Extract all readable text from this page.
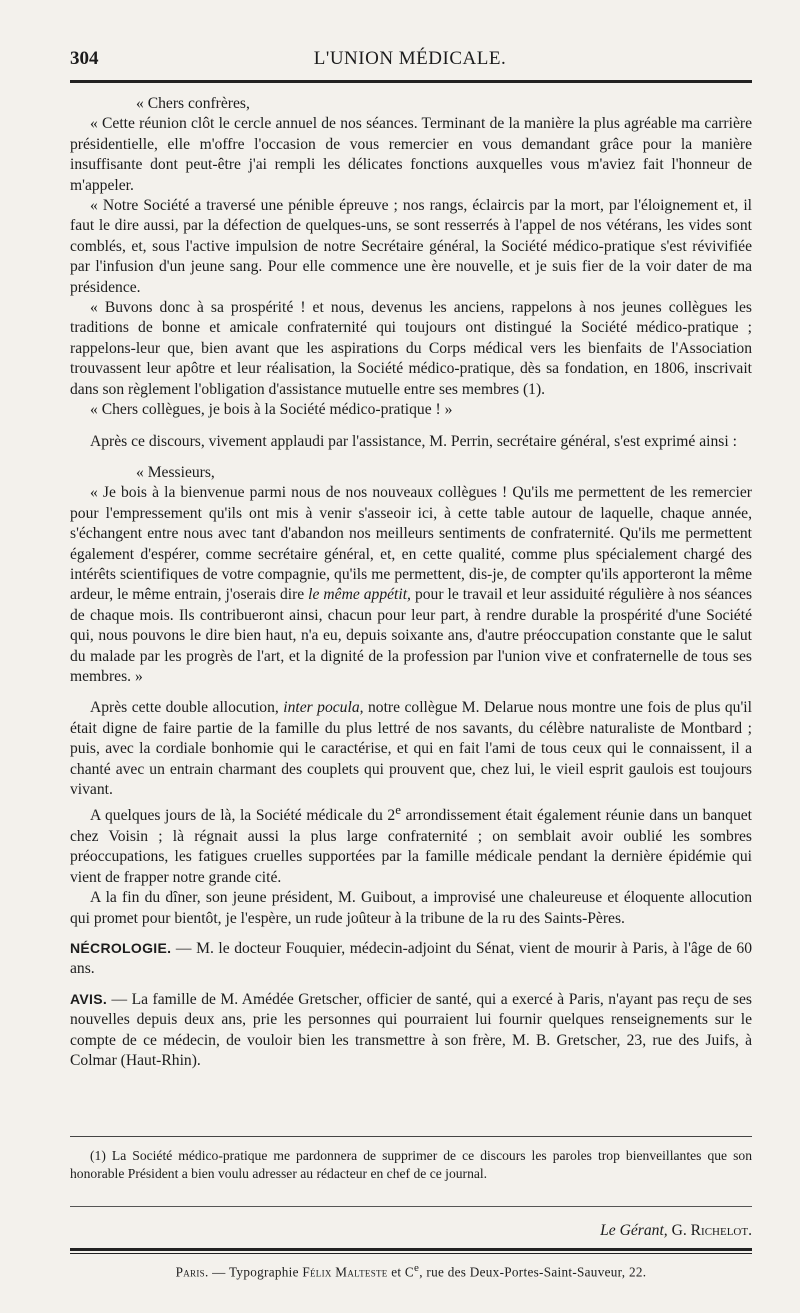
304	L'UNION MÉDICALE.

« Chers confrères,

« Cette réunion clôt le cercle annuel de nos séances. Terminant de la manière la plus agréable ma carrière présidentielle, elle m'offre l'occasion de vous remercier en vous demandant grâce pour la manière insuffisante dont peut-être j'ai rempli les délicates fonctions auxquelles vous m'aviez fait l'honneur de m'appeler.

« Notre Société a traversé une pénible épreuve ; nos rangs, éclaircis par la mort, par l'éloignement et, il faut le dire aussi, par la défection de quelques-uns, se sont resserrés à l'appel de nos vétérans, les vides sont comblés, et, sous l'active impulsion de notre Secrétaire général, la Société médico-pratique s'est révivifiée par l'infusion d'un jeune sang. Pour elle commence une ère nouvelle, et je suis fier de la voir dater de ma présidence.

« Buvons donc à sa prospérité ! et nous, devenus les anciens, rappelons à nos jeunes collègues les traditions de bonne et amicale confraternité qui toujours ont distingué la Société médico-pratique ; rappelons-leur que, bien avant que les aspirations du Corps médical vers les bienfaits de l'Association trouvassent leur apôtre et leur réalisation, la Société médico-pratique, dès sa fondation, en 1806, inscrivait dans son règlement l'obligation d'assistance mutuelle entre ses membres (1).

« Chers collègues, je bois à la Société médico-pratique ! »

Après ce discours, vivement applaudi par l'assistance, M. Perrin, secrétaire général, s'est exprimé ainsi :

« Messieurs,

« Je bois à la bienvenue parmi nous de nos nouveaux collègues ! Qu'ils me permettent de les remercier pour l'empressement qu'ils ont mis à venir s'asseoir ici, à cette table autour de laquelle, chaque année, s'échangent entre nous avec tant d'abandon nos meilleurs sentiments de confraternité. Qu'ils me permettent également d'espérer, comme secrétaire général, et, en cette qualité, comme plus spécialement chargé des intérêts scientifiques de votre compagnie, qu'ils me permettent, dis-je, de compter qu'ils apporteront la même ardeur, le même entrain, j'oserais dire le même appétit, pour le travail et leur assiduité régulière à nos séances de chaque mois. Ils contribueront ainsi, chacun pour leur part, à rendre durable la prospérité d'une Société qui, nous pouvons le dire bien haut, n'a eu, depuis soixante ans, d'autre préoccupation constante que le salut du malade par les progrès de l'art, et la dignité de la profession par l'union vive et confraternelle de tous ses membres. »

Après cette double allocution, inter pocula, notre collègue M. Delarue nous montre une fois de plus qu'il était digne de faire partie de la famille du plus lettré de nos savants, du célèbre naturaliste de Montbard ; puis, avec la cordiale bonhomie qui le caractérise, et qui en fait l'ami de tous ceux qui le connaissent, il a chanté avec un entrain charmant des couplets qui prouvent que, chez lui, le vieil esprit gaulois est toujours vivant.

A quelques jours de là, la Société médicale du 2e arrondissement était également réunie dans un banquet chez Voisin ; là régnait aussi la plus large confraternité ; on semblait avoir oublié les sombres préoccupations, les fatigues cruelles supportées par la famille médicale pendant la dernière épidémie qui vient de frapper notre grande cité.

A la fin du dîner, son jeune président, M. Guibout, a improvisé une chaleureuse et éloquente allocution qui promet pour bientôt, je l'espère, un rude joûteur à la tribune de la ru des Saints-Pères.

NÉCROLOGIE. — M. le docteur Fouquier, médecin-adjoint du Sénat, vient de mourir à Paris, à l'âge de 60 ans.

AVIS. — La famille de M. Amédée Gretscher, officier de santé, qui a exercé à Paris, n'ayant pas reçu de ses nouvelles depuis deux ans, prie les personnes qui pourraient lui fournir quelques renseignements sur le compte de ce médecin, de vouloir bien les transmettre à son frère, M. B. Gretscher, 23, rue des Juifs, à Colmar (Haut-Rhin).

(1) La Société médico-pratique me pardonnera de supprimer de ce discours les paroles trop bienveillantes que son honorable Président a bien voulu adresser au rédacteur en chef de ce journal.
Le Gérant, G. Richelot.
Paris. — Typographie Félix Malteste et Ce, rue des Deux-Portes-Saint-Sauveur, 22.
